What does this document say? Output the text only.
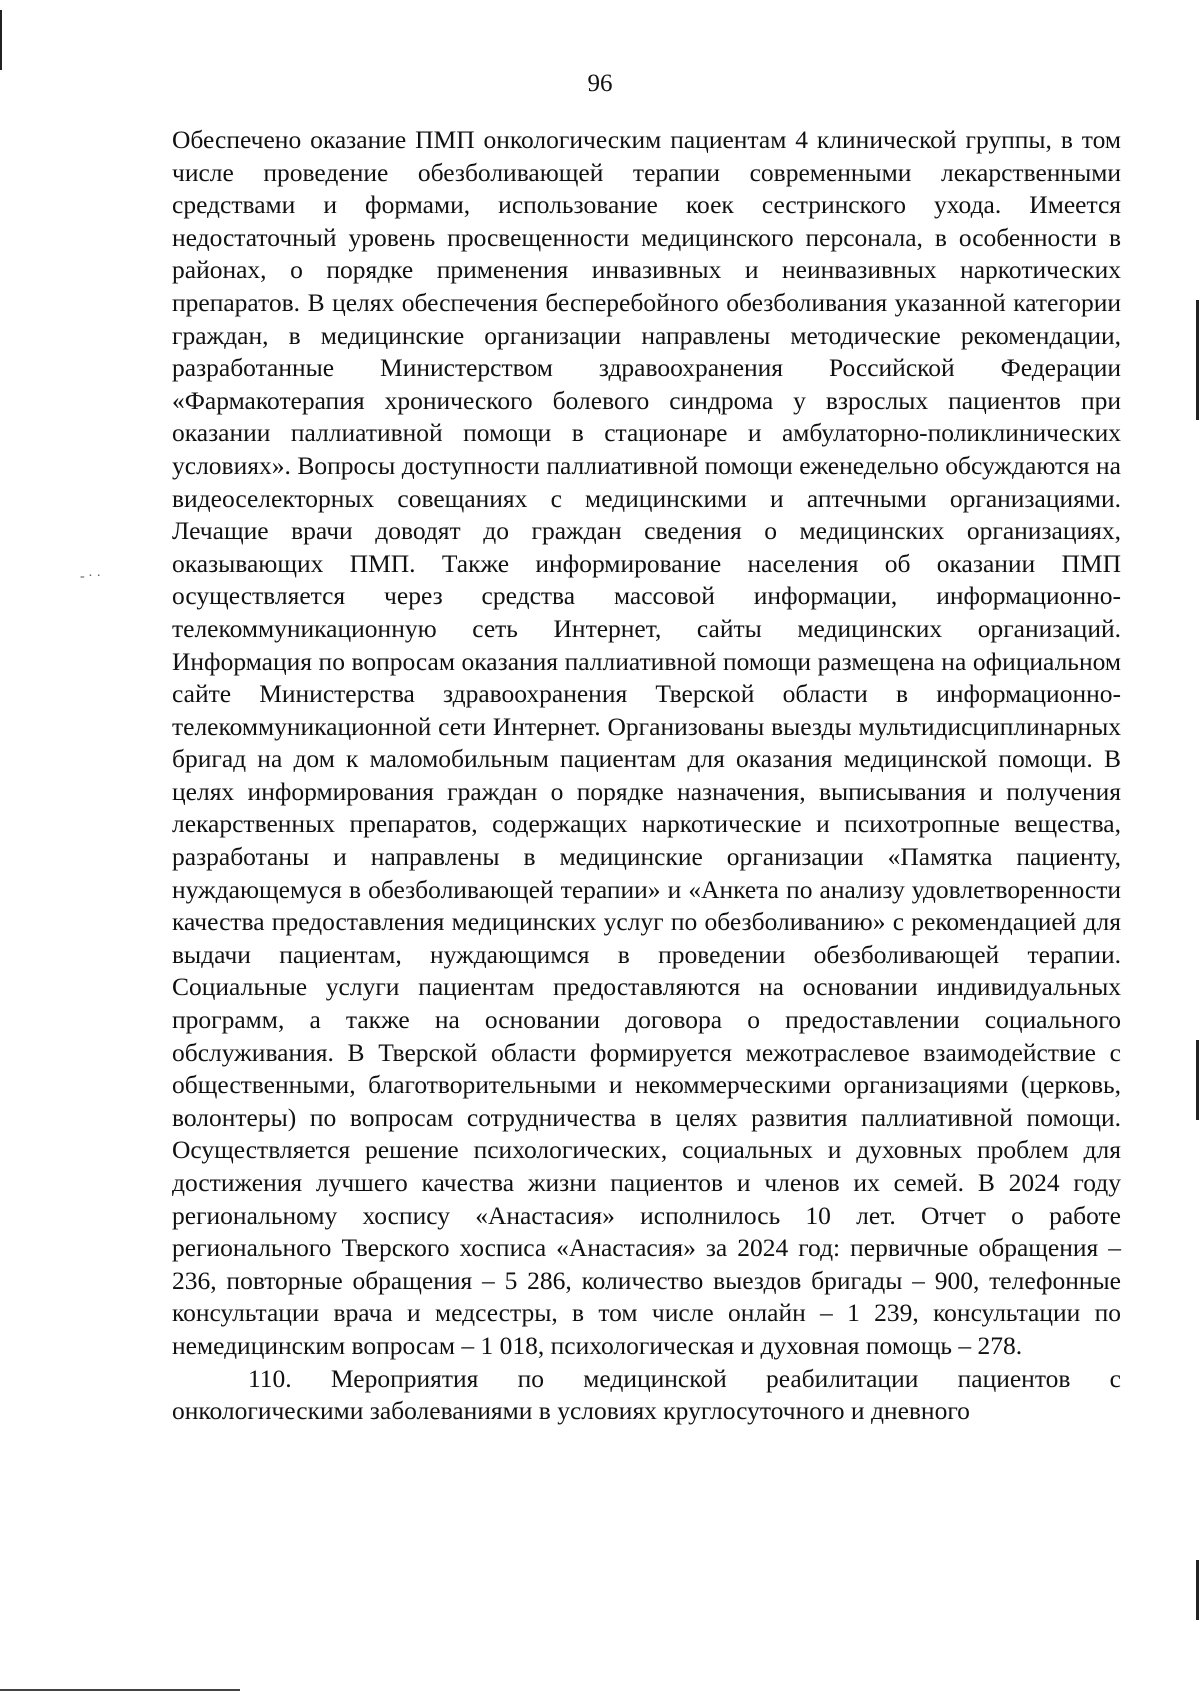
- · ·
96

Обеспечено оказание ПМП онкологическим пациентам 4 клинической группы, в том числе проведение обезболивающей терапии современными лекарственными средствами и формами, использование коек сестринского ухода. Имеется недостаточный уровень просвещенности медицинского персонала, в особенности в районах, о порядке применения инвазивных и неинвазивных наркотических препаратов. В целях обеспечения бесперебойного обезболивания указанной категории граждан, в медицинские организации направлены методические рекомендации, разработанные Министерством здравоохранения Российской Федерации «Фармакотерапия хронического болевого синдрома у взрослых пациентов при оказании паллиативной помощи в стационаре и амбулаторно-поликлинических условиях». Вопросы доступности паллиативной помощи еженедельно обсуждаются на видеоселекторных совещаниях с медицинскими и аптечными организациями. Лечащие врачи доводят до граждан сведения о медицинских организациях, оказывающих ПМП. Также информирование населения об оказании ПМП осуществляется через средства массовой информации, информационно-телекоммуникационную сеть Интернет, сайты медицинских организаций. Информация по вопросам оказания паллиативной помощи размещена на официальном сайте Министерства здравоохранения Тверской области в информационно-телекоммуникационной сети Интернет. Организованы выезды мультидисциплинарных бригад на дом к маломобильным пациентам для оказания медицинской помощи. В целях информирования граждан о порядке назначения, выписывания и получения лекарственных препаратов, содержащих наркотические и психотропные вещества, разработаны и направлены в медицинские организации «Памятка пациенту, нуждающемуся в обезболивающей терапии» и «Анкета по анализу удовлетворенности качества предоставления медицинских услуг по обезболиванию» с рекомендацией для выдачи пациентам, нуждающимся в проведении обезболивающей терапии. Социальные услуги пациентам предоставляются на основании индивидуальных программ, а также на основании договора о предоставлении социального обслуживания. В Тверской области формируется межотраслевое взаимодействие с общественными, благотворительными и некоммерческими организациями (церковь, волонтеры) по вопросам сотрудничества в целях развития паллиативной помощи. Осуществляется решение психологических, социальных и духовных проблем для достижения лучшего качества жизни пациентов и членов их семей. В 2024 году региональному хоспису «Анастасия» исполнилось 10 лет. Отчет о работе регионального Тверского хосписа «Анастасия» за 2024 год: первичные обращения – 236, повторные обращения – 5 286, количество выездов бригады – 900, телефонные консультации врача и медсестры, в том числе онлайн – 1 239, консультации по немедицинским вопросам – 1 018, психологическая и духовная помощь – 278.

110. Мероприятия по медицинской реабилитации пациентов с онкологическими заболеваниями в условиях круглосуточного и дневного
